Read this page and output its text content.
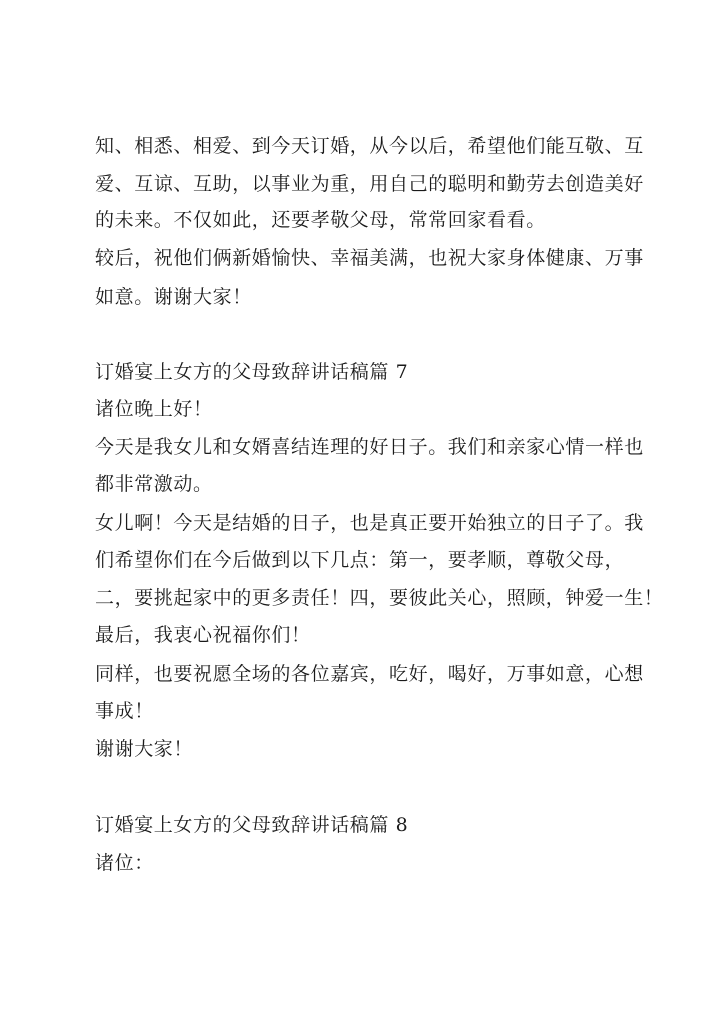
知、相悉、相爱、到今天订婚，从今以后，希望他们能互敬、互
爱、互谅、互助，以事业为重，用自己的聪明和勤劳去创造美好
的未来。不仅如此，还要孝敬父母，常常回家看看。
较后，祝他们俩新婚愉快、幸福美满，也祝大家身体健康、万事
如意。谢谢大家！
订婚宴上女方的父母致辞讲话稿篇 7
诸位晚上好！
今天是我女儿和女婿喜结连理的好日子。我们和亲家心情一样也
都非常激动。
女儿啊！今天是结婚的日子，也是真正要开始独立的日子了。我
们希望你们在今后做到以下几点：第一，要孝顺，尊敬父母，
二，要挑起家中的更多责任！四，要彼此关心，照顾，钟爱一生！
最后，我衷心祝福你们！
同样，也要祝愿全场的各位嘉宾，吃好，喝好，万事如意，心想
事成！
谢谢大家！
订婚宴上女方的父母致辞讲话稿篇 8
诸位：
